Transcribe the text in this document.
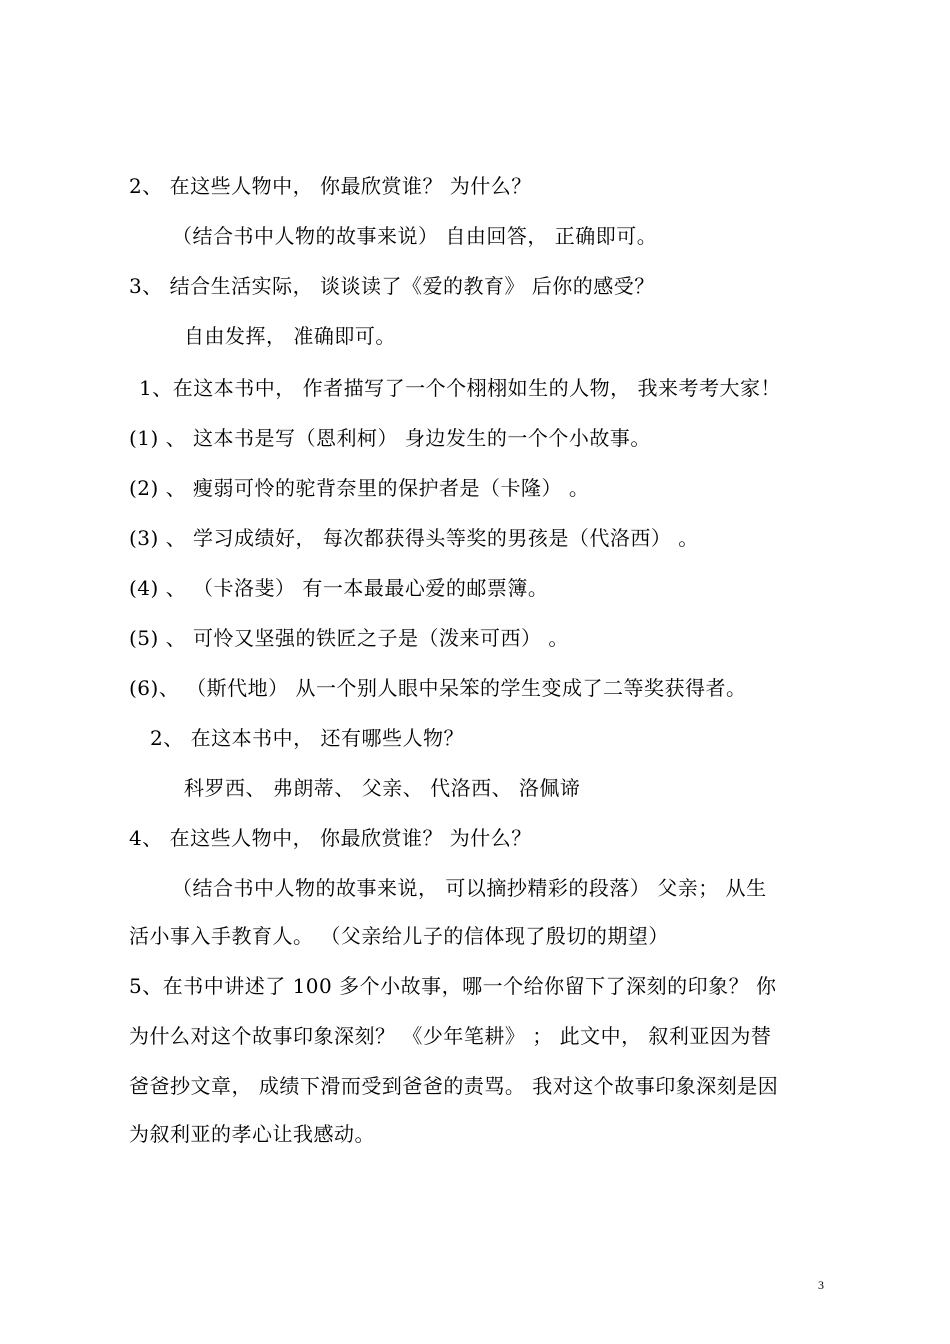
2、 在这些人物中， 你最欣赏谁？ 为什么？
（结合书中人物的故事来说） 自由回答， 正确即可。
3、 结合生活实际， 谈谈读了《爱的教育》 后你的感受？
自由发挥， 准确即可。
1、在这本书中， 作者描写了一个个栩栩如生的人物， 我来考考大家！
(1) 、 这本书是写（恩利柯） 身边发生的一个个小故事。
(2) 、 瘦弱可怜的驼背奈里的保护者是（卡隆） 。
(3) 、 学习成绩好， 每次都获得头等奖的男孩是（代洛西） 。
(4) 、 （卡洛斐） 有一本最最心爱的邮票簿。
(5) 、 可怜又坚强的铁匠之子是（泼来可西） 。
(6)、 （斯代地） 从一个别人眼中呆笨的学生变成了二等奖获得者。
2、 在这本书中， 还有哪些人物？
科罗西、 弗朗蒂、 父亲、 代洛西、 洛佩谛
4、 在这些人物中， 你最欣赏谁？ 为什么？
（结合书中人物的故事来说， 可以摘抄精彩的段落） 父亲； 从生
活小事入手教育人。 （父亲给儿子的信体现了殷切的期望）
5、在书中讲述了 100 多个小故事，哪一个给你留下了深刻的印象？ 你
为什么对这个故事印象深刻？ 《少年笔耕》 ； 此文中， 叙利亚因为替
爸爸抄文章， 成绩下滑而受到爸爸的责骂。 我对这个故事印象深刻是因
为叙利亚的孝心让我感动。
3
